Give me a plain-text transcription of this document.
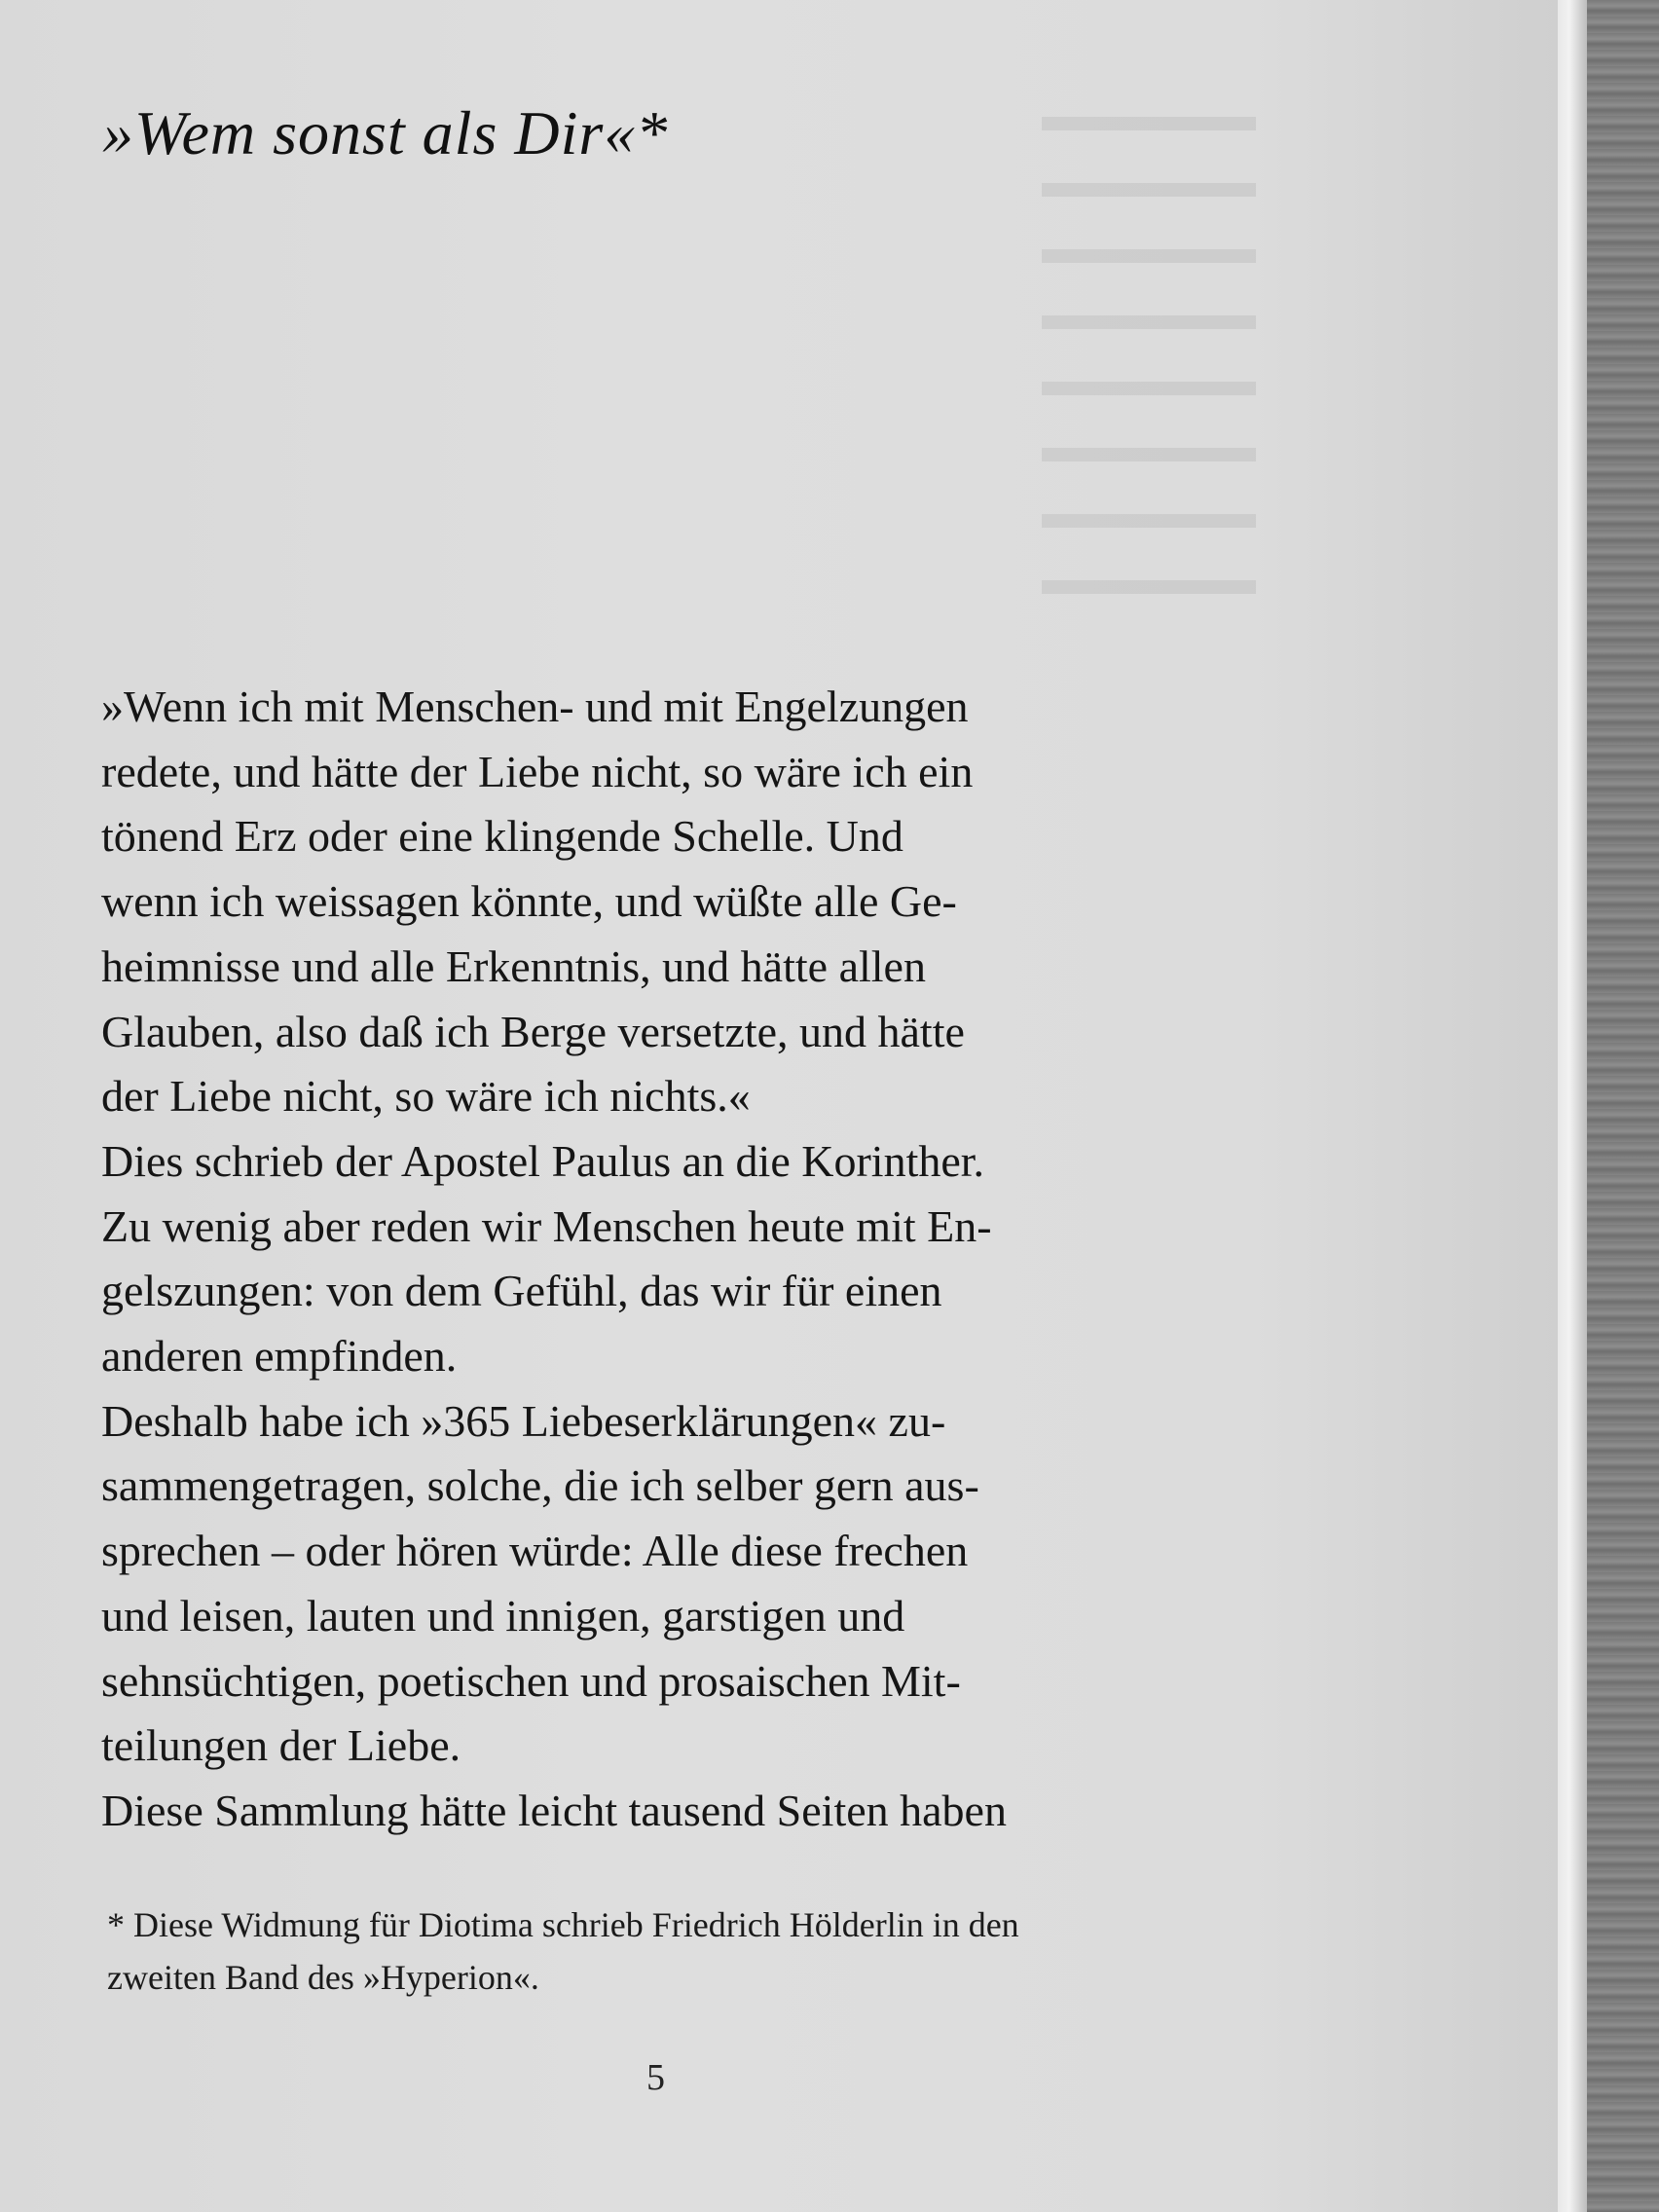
»Wem sonst als Dir«*

»Wenn ich mit Menschen- und mit Engelzungen
redete, und hätte der Liebe nicht, so wäre ich ein
tönend Erz oder eine klingende Schelle. Und
wenn ich weissagen könnte, und wüßte alle Ge-
heimnisse und alle Erkenntnis, und hätte allen
Glauben, also daß ich Berge versetzte, und hätte
der Liebe nicht, so wäre ich nichts.«
Dies schrieb der Apostel Paulus an die Korinther.
Zu wenig aber reden wir Menschen heute mit En-
gelszungen: von dem Gefühl, das wir für einen
anderen empfinden.
Deshalb habe ich »365 Liebeserklärungen« zu-
sammengetragen, solche, die ich selber gern aus-
sprechen – oder hören würde: Alle diese frechen
und leisen, lauten und innigen, garstigen und
sehnsüchtigen, poetischen und prosaischen Mit-
teilungen der Liebe.
Diese Sammlung hätte leicht tausend Seiten haben

* Diese Widmung für Diotima schrieb Friedrich Hölderlin in den
zweiten Band des »Hyperion«.

5
